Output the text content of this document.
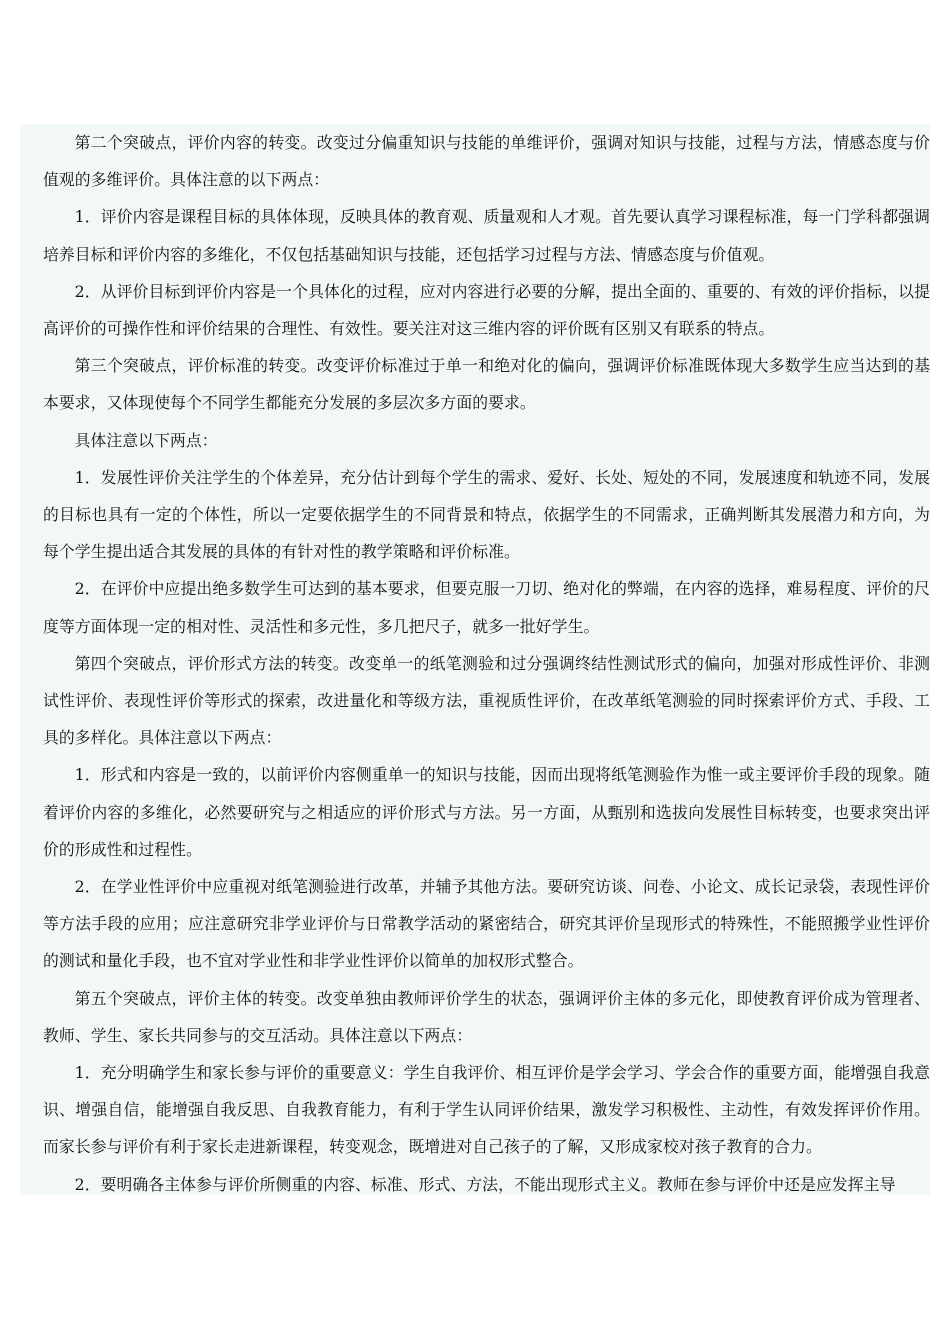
第二个突破点，评价内容的转变。改变过分偏重知识与技能的单维评价，强调对知识与技能，过程与方法，情感态度与价值观的多维评价。具体注意的以下两点：

1．评价内容是课程目标的具体体现，反映具体的教育观、质量观和人才观。首先要认真学习课程标准，每一门学科都强调培养目标和评价内容的多维化，不仅包括基础知识与技能，还包括学习过程与方法、情感态度与价值观。

2．从评价目标到评价内容是一个具体化的过程，应对内容进行必要的分解，提出全面的、重要的、有效的评价指标，以提高评价的可操作性和评价结果的合理性、有效性。要关注对这三维内容的评价既有区别又有联系的特点。

第三个突破点，评价标准的转变。改变评价标准过于单一和绝对化的偏向，强调评价标准既体现大多数学生应当达到的基本要求，又体现使每个不同学生都能充分发展的多层次多方面的要求。

具体注意以下两点：

1．发展性评价关注学生的个体差异，充分估计到每个学生的需求、爱好、长处、短处的不同，发展速度和轨迹不同，发展的目标也具有一定的个体性，所以一定要依据学生的不同背景和特点，依据学生的不同需求，正确判断其发展潜力和方向，为每个学生提出适合其发展的具体的有针对性的教学策略和评价标准。

2．在评价中应提出绝多数学生可达到的基本要求，但要克服一刀切、绝对化的弊端，在内容的选择，难易程度、评价的尺度等方面体现一定的相对性、灵活性和多元性，多几把尺子，就多一批好学生。

第四个突破点，评价形式方法的转变。改变单一的纸笔测验和过分强调终结性测试形式的偏向，加强对形成性评价、非测试性评价、表现性评价等形式的探索，改进量化和等级方法，重视质性评价，在改革纸笔测验的同时探索评价方式、手段、工具的多样化。具体注意以下两点：

1．形式和内容是一致的，以前评价内容侧重单一的知识与技能，因而出现将纸笔测验作为惟一或主要评价手段的现象。随着评价内容的多维化，必然要研究与之相适应的评价形式与方法。另一方面，从甄别和选拔向发展性目标转变，也要求突出评价的形成性和过程性。

2．在学业性评价中应重视对纸笔测验进行改革，并辅予其他方法。要研究访谈、问卷、小论文、成长记录袋，表现性评价等方法手段的应用；应注意研究非学业评价与日常教学活动的紧密结合，研究其评价呈现形式的特殊性，不能照搬学业性评价的测试和量化手段，也不宜对学业性和非学业性评价以简单的加权形式整合。

第五个突破点，评价主体的转变。改变单独由教师评价学生的状态，强调评价主体的多元化，即使教育评价成为管理者、教师、学生、家长共同参与的交互活动。具体注意以下两点：

1．充分明确学生和家长参与评价的重要意义：学生自我评价、相互评价是学会学习、学会合作的重要方面，能增强自我意识、增强自信，能增强自我反思、自我教育能力，有利于学生认同评价结果，激发学习积极性、主动性，有效发挥评价作用。而家长参与评价有利于家长走进新课程，转变观念，既增进对自己孩子的了解，又形成家校对孩子教育的合力。

2．要明确各主体参与评价所侧重的内容、标准、形式、方法，不能出现形式主义。教师在参与评价中还是应发挥主导
